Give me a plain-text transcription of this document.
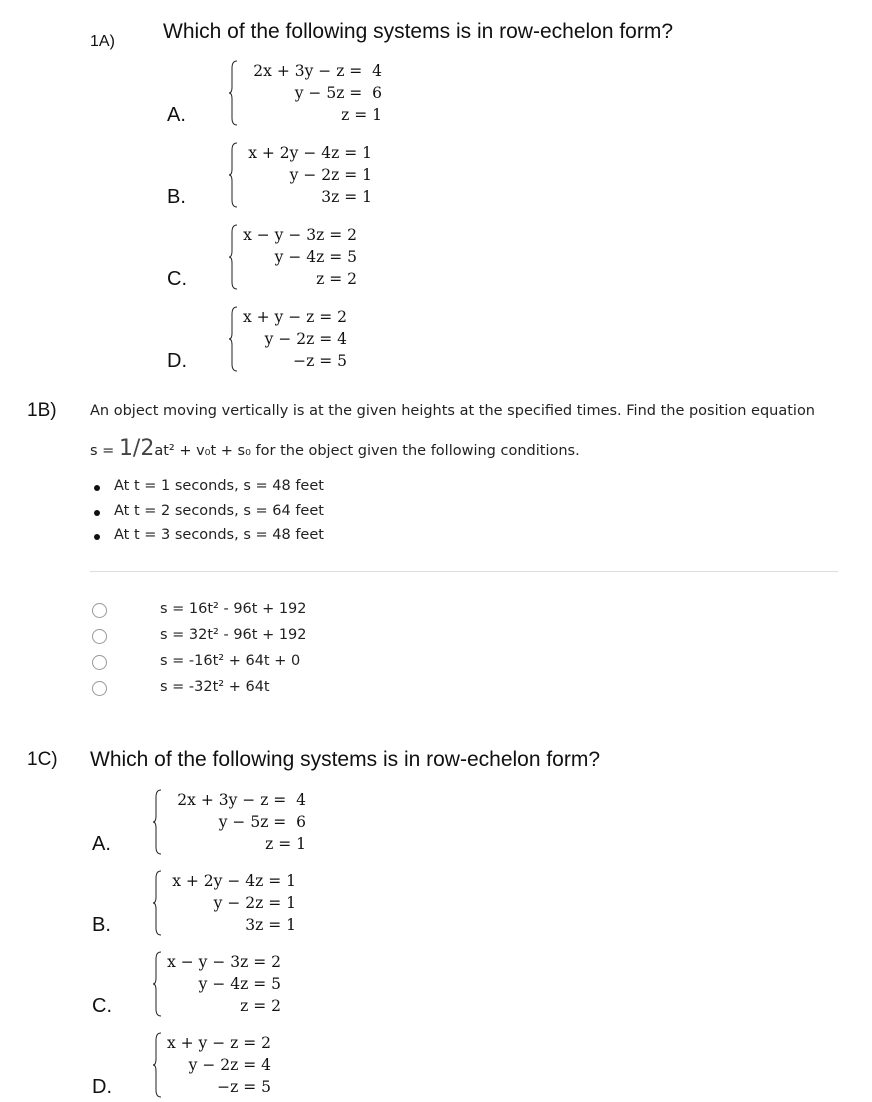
1A) Which of the following systems is in row-echelon form?
A.
2x + 3y − z =  4
y − 5z =  6
z = 1
B.
x + 2y − 4z = 1
y − 2z = 1
3z = 1
C.
x − y − 3z = 2
y − 4z = 5
z = 2
D.
x + y − z = 2
y − 2z = 4
−z = 5
1B) An object moving vertically is at the given heights at the specified times. Find the position equation
s = 1/2at² + v₀t + s₀ for the object given the following conditions.
At t = 1 seconds, s = 48 feet
At t = 2 seconds, s = 64 feet
At t = 3 seconds, s = 48 feet
s = 16t² - 96t + 192
s = 32t² - 96t + 192
s = -16t² + 64t + 0
s = -32t² + 64t
1C) Which of the following systems is in row-echelon form?
A.
2x + 3y − z =  4
y − 5z =  6
z = 1
B.
x + 2y − 4z = 1
y − 2z = 1
3z = 1
C.
x − y − 3z = 2
y − 4z = 5
z = 2
D.
x + y − z = 2
y − 2z = 4
−z = 5
